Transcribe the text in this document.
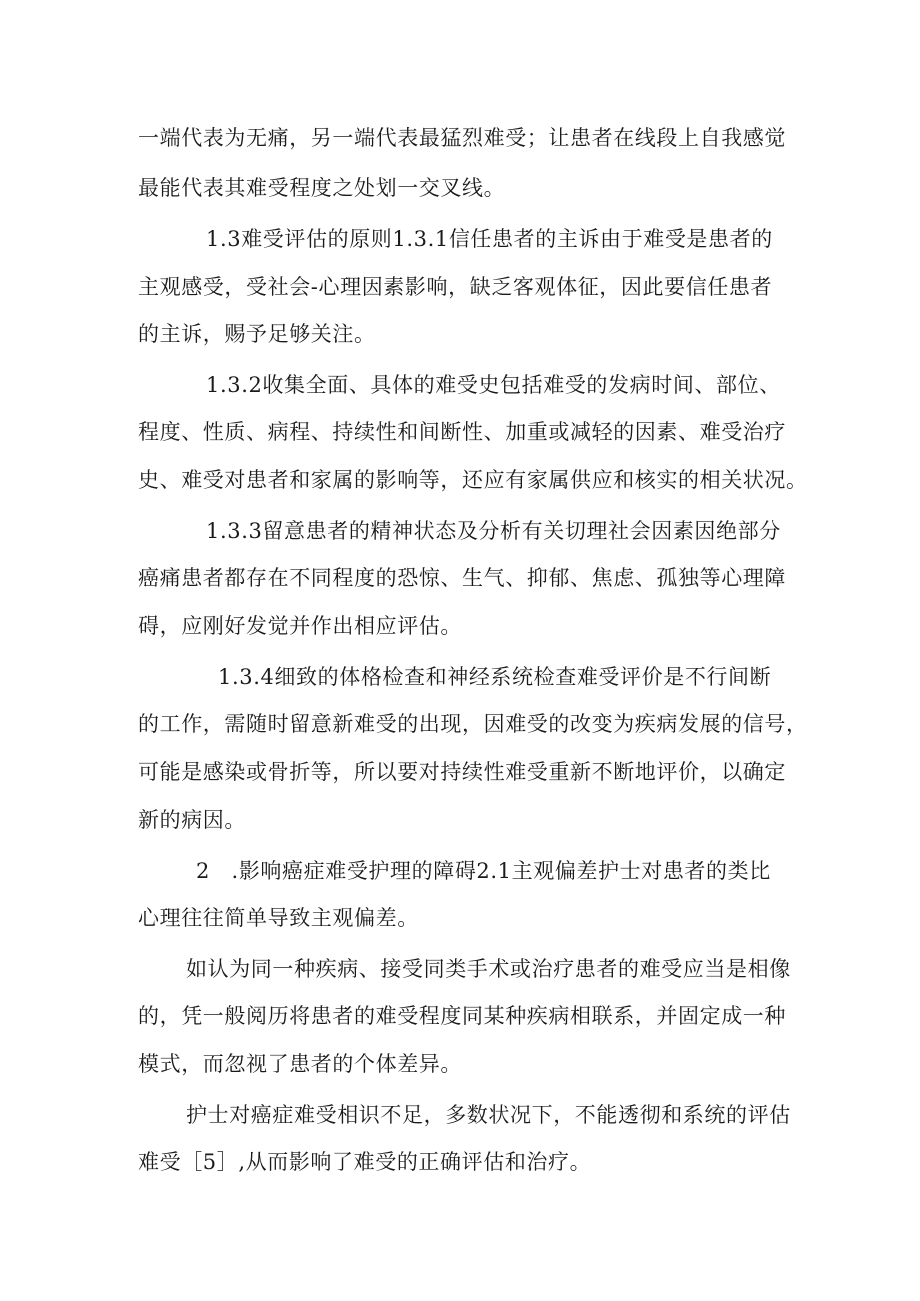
一端代表为无痛，另一端代表最猛烈难受；让患者在线段上自我感觉
最能代表其难受程度之处划一交叉线。
1.3难受评估的原则1.3.1信任患者的主诉由于难受是患者的
主观感受，受社会-心理因素影响，缺乏客观体征，因此要信任患者
的主诉，赐予足够关注。
1.3.2收集全面、具体的难受史包括难受的发病时间、部位、
程度、性质、病程、持续性和间断性、加重或减轻的因素、难受治疗
史、难受对患者和家属的影响等，还应有家属供应和核实的相关状况。
1.3.3留意患者的精神状态及分析有关切理社会因素因绝部分
癌痛患者都存在不同程度的恐惊、生气、抑郁、焦虑、孤独等心理障
碍，应刚好发觉并作出相应评估。
1.3.4细致的体格检查和神经系统检查难受评价是不行间断
的工作，需随时留意新难受的出现，因难受的改变为疾病发展的信号，
可能是感染或骨折等，所以要对持续性难受重新不断地评价，以确定
新的病因。
2　.影响癌症难受护理的障碍2.1主观偏差护士对患者的类比
心理往往简单导致主观偏差。
如认为同一种疾病、接受同类手术或治疗患者的难受应当是相像
的，凭一般阅历将患者的难受程度同某种疾病相联系，并固定成一种
模式，而忽视了患者的个体差异。
护士对癌症难受相识不足，多数状况下，不能透彻和系统的评估
难受［5］,从而影响了难受的正确评估和治疗。
